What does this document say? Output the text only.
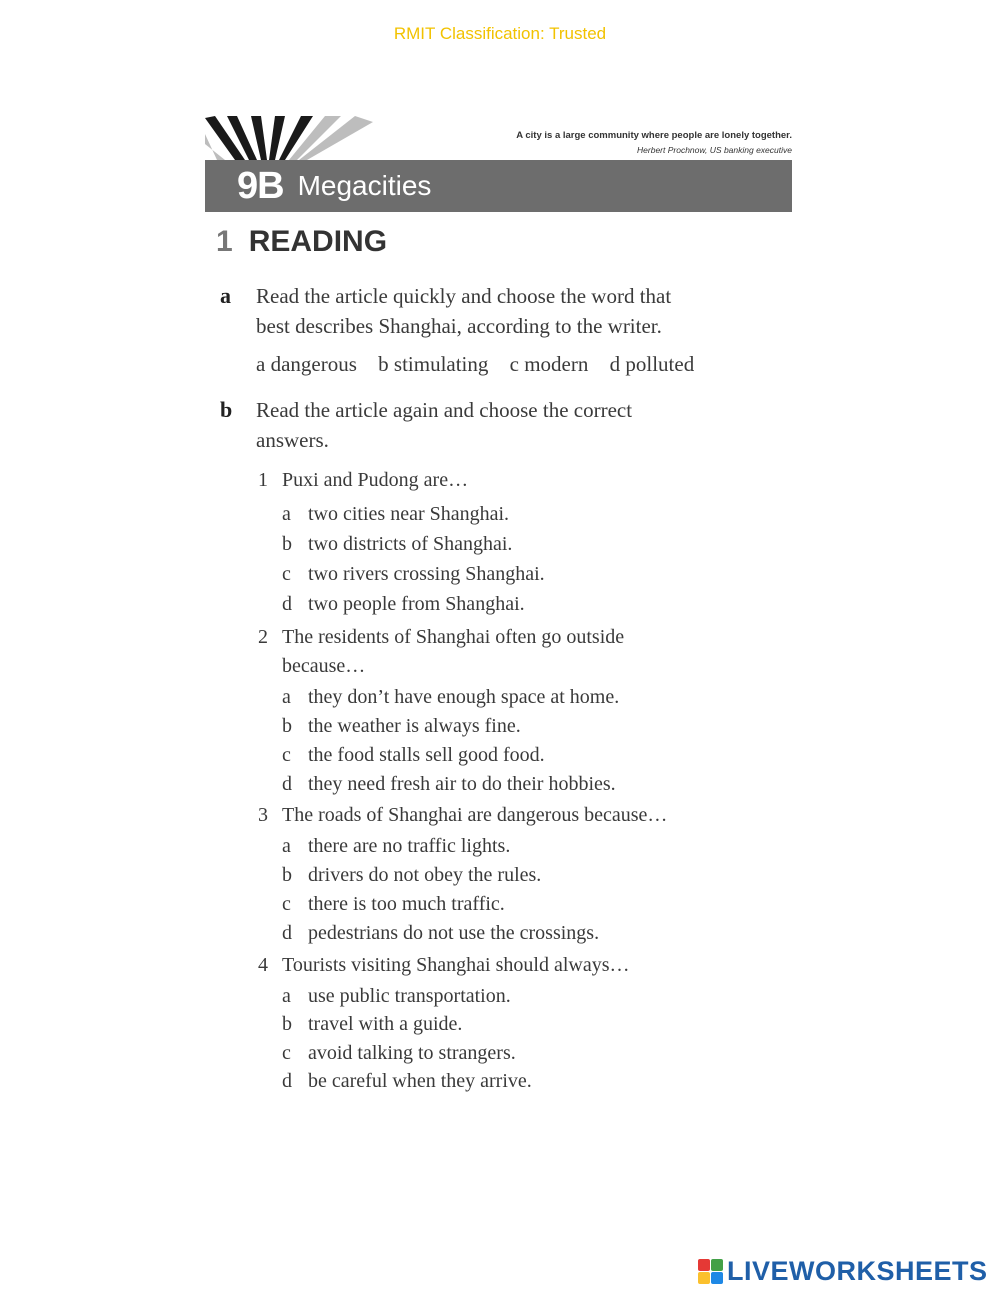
RMIT Classification: Trusted
A city is a large community where people are lonely together.
Herbert Prochnow, US banking executive
9B Megacities
1 READING
a Read the article quickly and choose the word that
best describes Shanghai, according to the writer.
a dangerous b stimulating c modern d polluted
b Read the article again and choose the correct
answers.
1 Puxi and Pudong are…
a two cities near Shanghai.
b two districts of Shanghai.
c two rivers crossing Shanghai.
d two people from Shanghai.
2 The residents of Shanghai often go outside
because…
a they don’t have enough space at home.
b the weather is always fine.
c the food stalls sell good food.
d they need fresh air to do their hobbies.
3 The roads of Shanghai are dangerous because…
a there are no traffic lights.
b drivers do not obey the rules.
c there is too much traffic.
d pedestrians do not use the crossings.
4 Tourists visiting Shanghai should always…
a use public transportation.
b travel with a guide.
c avoid talking to strangers.
d be careful when they arrive.
LIVEWORKSHEETS
